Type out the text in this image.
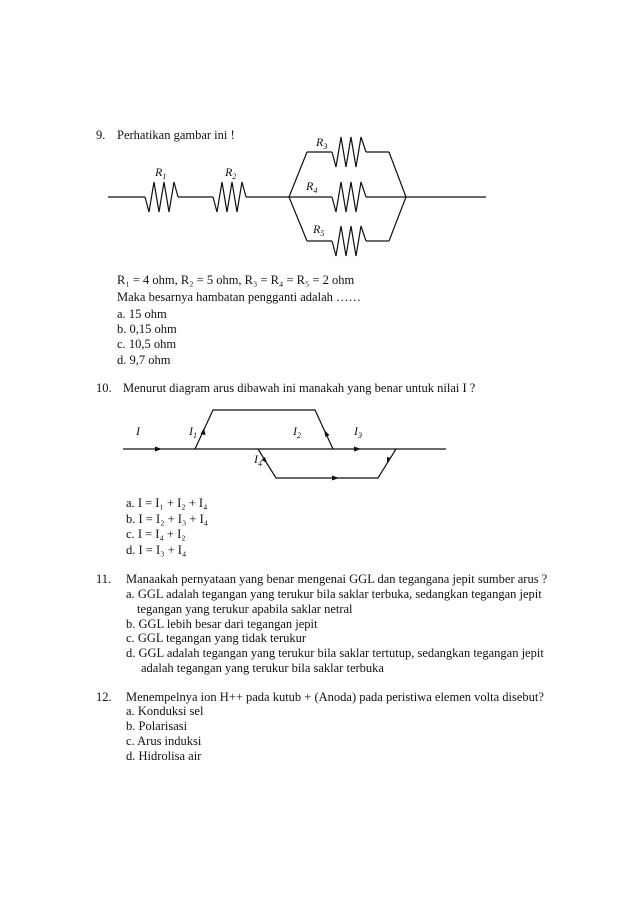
9. Perhatikan gambar ini !
$R_1$	$R_2$
$R_3$
$R_4$
$R_5$
R₁ = 4 ohm, R₂ = 5 ohm, R₃ = R₄ = R₅ = 2 ohm
Maka besarnya hambatan pengganti adalah ……
a. 15 ohm
b. 0,15 ohm
c. 10,5 ohm
d. 9,7 ohm
10. Menurut diagram arus dibawah ini manakah yang benar untuk nilai I ?
I	$I_1$	$I_2$	$I_3$
$I_4$
a. I = I₁ + I₂ + I₄
b. I = I₂ + I₃ + I₄
c. I = I₄ + I₂
d. I = I₃ + I₄
11. Manaakah pernyataan yang benar mengenai GGL dan tegangana jepit sumber arus ?
a. GGL adalah tegangan yang terukur bila saklar terbuka, sedangkan tegangan jepit
tegangan yang terukur apabila saklar netral
b. GGL lebih besar dari tegangan jepit
c. GGL tegangan yang tidak terukur
d. GGL adalah tegangan yang terukur bila saklar tertutup, sedangkan tegangan jepit
adalah tegangan yang terukur bila saklar terbuka
12. Menempelnya ion H++ pada kutub + (Anoda) pada peristiwa elemen volta disebut?
a. Konduksi sel
b. Polarisasi
c. Arus induksi
d. Hidrolisa air
